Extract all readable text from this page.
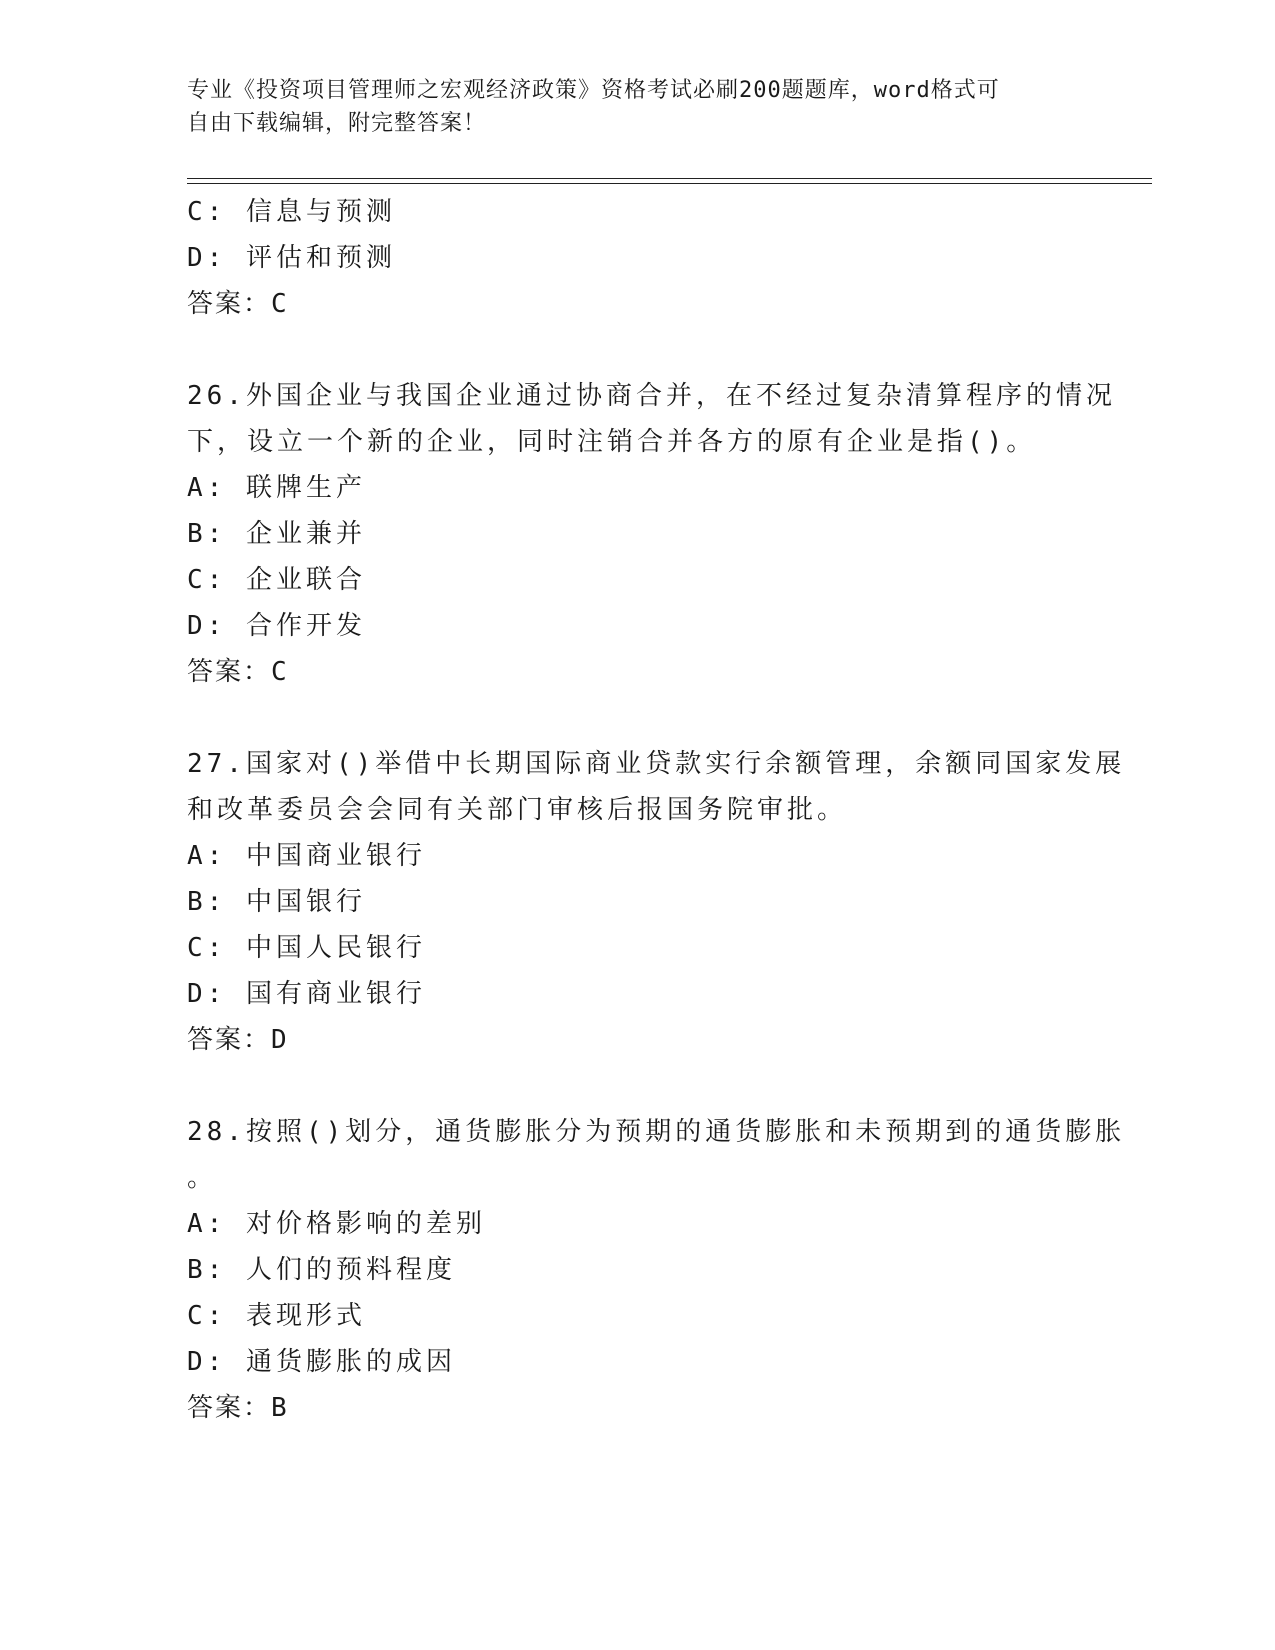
专业《投资项目管理师之宏观经济政策》资格考试必刷200题题库，word格式可
自由下载编辑，附完整答案！
C: 信息与预测
D: 评估和预测
答案：C
26.外国企业与我国企业通过协商合并，在不经过复杂清算程序的情况
下，设立一个新的企业，同时注销合并各方的原有企业是指()。
A: 联牌生产
B: 企业兼并
C: 企业联合
D: 合作开发
答案：C
27.国家对()举借中长期国际商业贷款实行余额管理，余额同国家发展
和改革委员会会同有关部门审核后报国务院审批。
A: 中国商业银行
B: 中国银行
C: 中国人民银行
D: 国有商业银行
答案：D
28.按照()划分，通货膨胀分为预期的通货膨胀和未预期到的通货膨胀
。
A: 对价格影响的差别
B: 人们的预料程度
C: 表现形式
D: 通货膨胀的成因
答案：B
